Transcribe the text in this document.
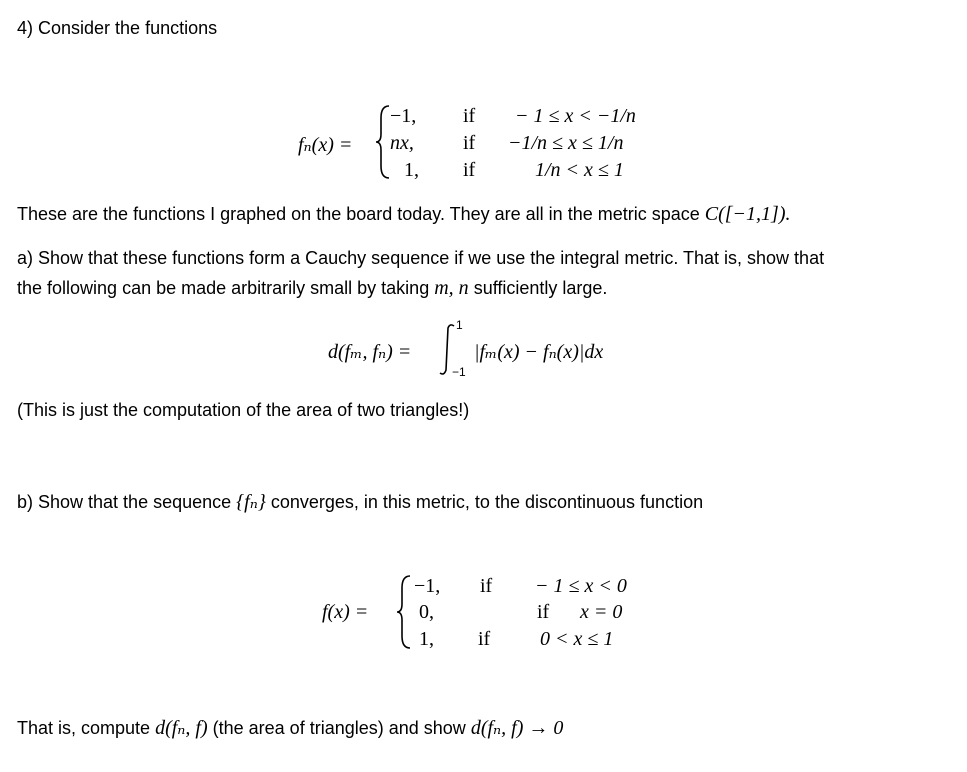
4) Consider the functions
fₙ(x) =
−1, if − 1 ≤ x < −1/n
nx, if −1/n ≤ x ≤ 1/n
1, if	1/n < x ≤ 1
These are the functions I graphed on the board today. They are all in the metric space C([−1,1]).
a) Show that these functions form a Cauchy sequence if we use the integral metric. That is, show that
the following can be made arbitrarily small by taking m, n sufficiently large.
d(fₘ, fₙ) =
1
−1
|fₘ(x) − fₙ(x)|dx
(This is just the computation of the area of two triangles!)
b) Show that the sequence {fₙ} converges, in this metric, to the discontinuous function
f(x) =
−1, if − 1 ≤ x < 0
0,	if x = 0
1, if 0 < x ≤ 1
That is, compute d(fₙ, f) (the area of triangles) and show d(fₙ, f) → 0
